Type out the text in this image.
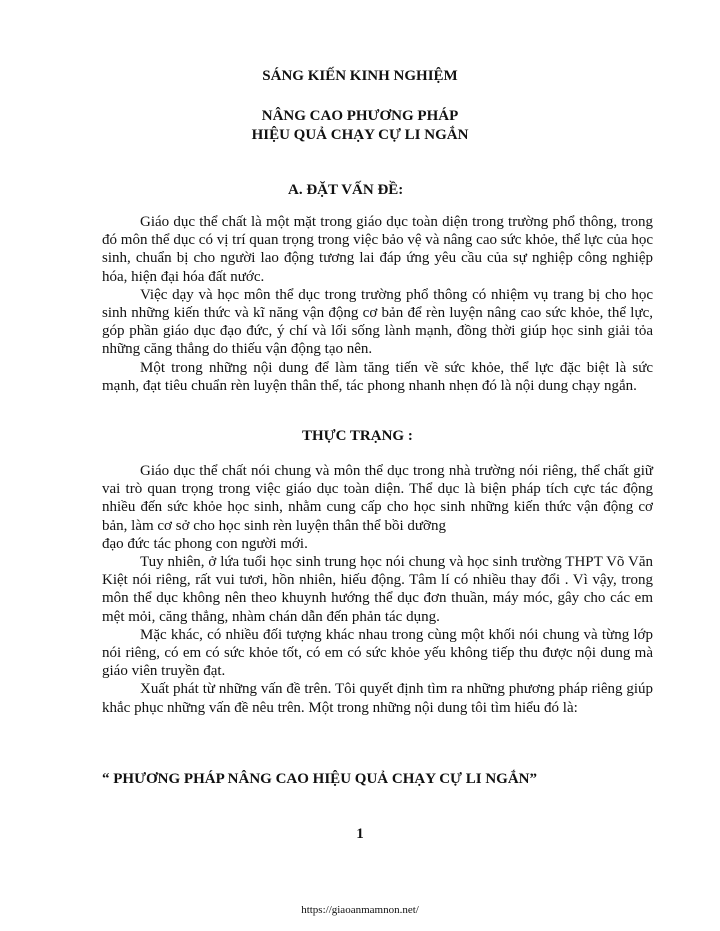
SÁNG KIẾN KINH NGHIỆM
NÂNG CAO PHƯƠNG PHÁP
HIỆU QUẢ CHẠY CỰ LI NGẮN
A. ĐẶT VẤN ĐỀ:

Giáo dục thể chất là một mặt trong giáo dục toàn diện trong trường phổ thông, trong đó môn thể dục có vị trí quan trọng trong việc bảo vệ và nâng cao sức khỏe, thể lực của học sinh, chuẩn bị cho người lao động tương lai đáp ứng yêu cầu của sự nghiệp công nghiệp hóa, hiện đại hóa đất nước.

Việc dạy và học môn thể dục trong trường phổ thông có nhiệm vụ trang bị cho học sinh những kiến thức và kĩ năng vận động cơ bản để rèn luyện nâng cao sức khỏe, thể lực, góp phần giáo dục đạo đức, ý chí và lối sống lành mạnh, đồng thời giúp học sinh giải tỏa những căng thẳng do thiếu vận động tạo nên.

Một trong những nội dung để làm tăng tiến về sức khỏe, thể lực đặc biệt là sức mạnh, đạt tiêu chuẩn rèn luyện thân thể, tác phong nhanh nhẹn đó là nội dung chạy ngắn.

THỰC TRẠNG :

Giáo dục thể chất nói chung và môn thể dục trong nhà trường nói riêng, thể chất giữ vai trò quan trọng trong việc giáo dục toàn diện. Thể dục là biện pháp tích cực tác động nhiều đến sức khỏe học sinh, nhằm cung cấp cho học sinh những kiến thức vận động cơ bản, làm cơ sở cho học sinh rèn luyện thân thể bồi dưỡng

đạo đức tác phong con người mới.

Tuy nhiên, ở lứa tuổi học sinh trung học nói chung và học sinh trường THPT Võ Văn Kiệt nói riêng, rất vui tươi, hồn nhiên, hiếu động. Tâm lí có nhiều thay đổi . Vì vậy, trong môn thể dục không nên theo khuynh hướng thể dục đơn thuần, máy móc, gây cho các em mệt mỏi, căng thẳng, nhàm chán dẫn đến phản tác dụng.

Mặc khác, có nhiều đối tượng khác nhau trong cùng một khối nói chung và từng lớp nói riêng, có em có sức khỏe tốt, có em có sức khỏe yếu không tiếp thu được nội dung mà giáo viên truyền đạt.

Xuất phát từ những vấn đề trên. Tôi quyết định tìm ra những phương pháp riêng giúp khắc phục những vấn đề nêu trên. Một trong những nội dung tôi tìm hiểu đó là:

“ PHƯƠNG PHÁP NÂNG CAO HIỆU QUẢ CHẠY CỰ LI NGẮN”
1
https://giaoanmamnon.net/
